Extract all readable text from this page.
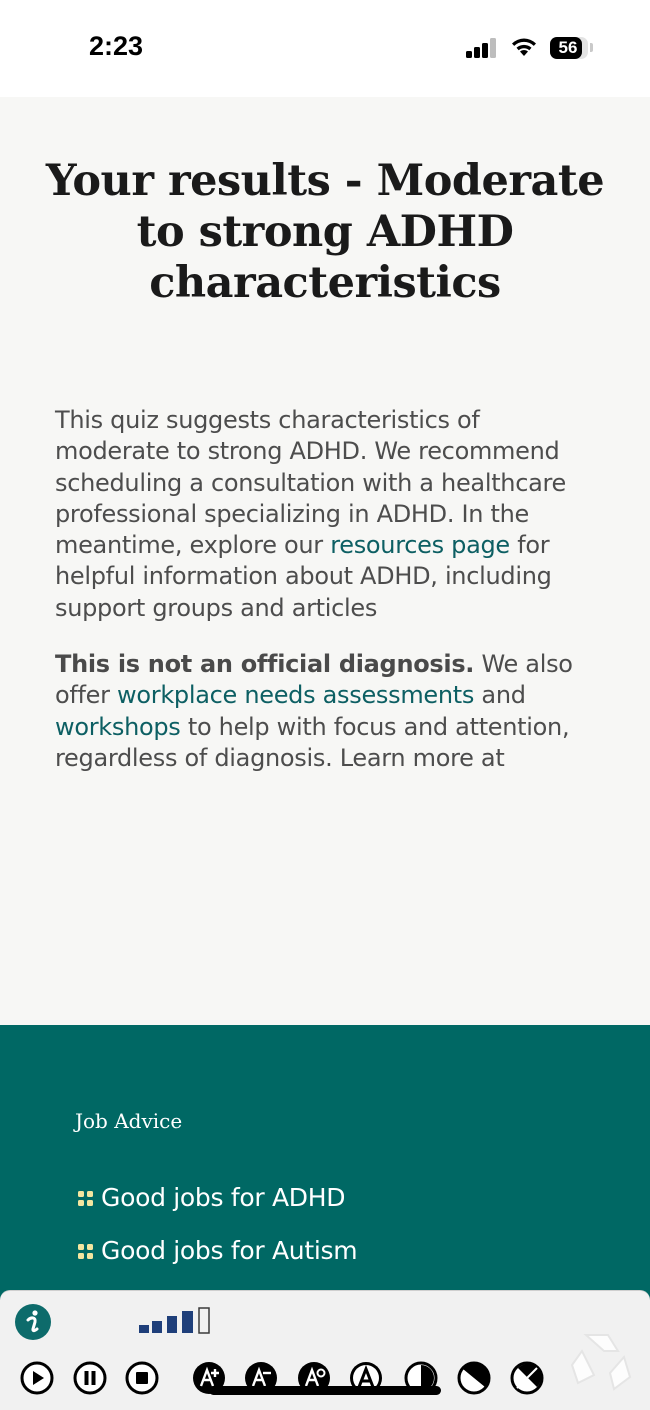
2:23	56
Your results - Moderate to strong ADHD characteristics

This quiz suggests characteristics of moderate to strong ADHD. We recommend scheduling a consultation with a healthcare professional specializing in ADHD. In the meantime, explore our resources page for helpful information about ADHD, including support groups and articles

This is not an official diagnosis. We also offer workplace needs assessments and workshops to help with focus and attention, regardless of diagnosis. Learn more at

Job Advice
Good jobs for ADHD
Good jobs for Autism
